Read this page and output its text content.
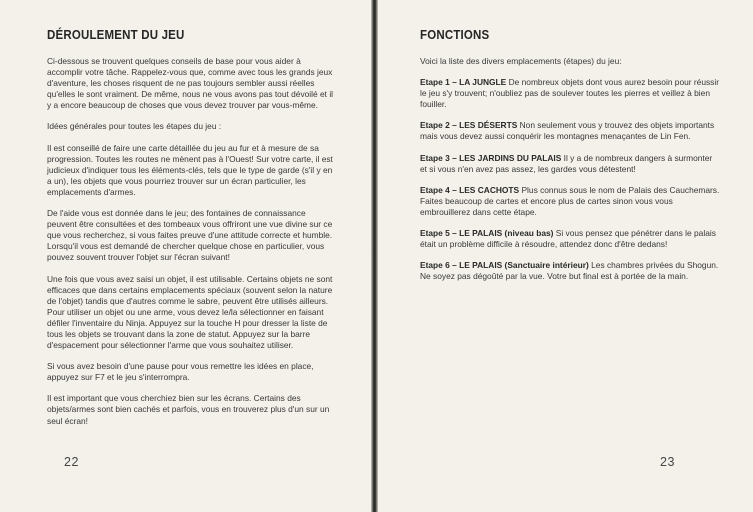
DÉROULEMENT DU JEU

Ci-dessous se trouvent quelques conseils de base pour vous aider à accomplir votre tâche. Rappelez-vous que, comme avec tous les grands jeux d'aventure, les choses risquent de ne pas toujours sembler aussi réelles qu'elles le sont vraiment. De même, nous ne vous avons pas tout dévoilé et il y a encore beaucoup de choses que vous devez trouver par vous-même.

Idées générales pour toutes les étapes du jeu :

Il est conseillé de faire une carte détaillée du jeu au fur et à mesure de sa progression. Toutes les routes ne mènent pas à l'Ouest! Sur votre carte, il est judicieux d'indiquer tous les éléments-clés, tels que le type de garde (s'il y en a un), les objets que vous pourriez trouver sur un écran particulier, les emplacements d'armes.

De l'aide vous est donnée dans le jeu; des fontaines de connaissance peuvent être consultées et des tombeaux vous offriront une vue divine sur ce que vous recherchez, si vous faites preuve d'une attitude correcte et humble. Lorsqu'il vous est demandé de chercher quelque chose en particulier, vous pouvez souvent trouver l'objet sur l'écran suivant!

Une fois que vous avez saisi un objet, il est utilisable. Certains objets ne sont efficaces que dans certains emplacements spéciaux (souvent selon la nature de l'objet) tandis que d'autres comme le sabre, peuvent être utilisés ailleurs. Pour utiliser un objet ou une arme, vous devez le/la sélectionner en faisant défiler l'inventaire du Ninja. Appuyez sur la touche H pour dresser la liste de tous les objets se trouvant dans la zone de statut. Appuyez sur la barre d'espacement pour sélectionner l'arme que vous souhaitez utiliser.

Si vous avez besoin d'une pause pour vous remettre les idées en place, appuyez sur F7 et le jeu s'interrompra.

Il est important que vous cherchiez bien sur les écrans. Certains des objets/armes sont bien cachés et parfois, vous en trouverez plus d'un sur un seul écran!

22
FONCTIONS

Voici la liste des divers emplacements (étapes) du jeu:

Etape 1 – LA JUNGLE De nombreux objets dont vous aurez besoin pour réussir le jeu s'y trouvent; n'oubliez pas de soulever toutes les pierres et veillez à bien fouiller.

Etape 2 – LES DÉSERTS Non seulement vous y trouvez des objets importants mais vous devez aussi conquérir les montagnes menaçantes de Lin Fen.

Etape 3 – LES JARDINS DU PALAIS Il y a de nombreux dangers à surmonter et si vous n'en avez pas assez, les gardes vous détestent!

Etape 4 – LES CACHOTS Plus connus sous le nom de Palais des Cauchemars. Faites beaucoup de cartes et encore plus de cartes sinon vous vous embrouillerez dans cette étape.

Etape 5 – LE PALAIS (niveau bas) Si vous pensez que pénétrer dans le palais était un problème difficile à résoudre, attendez donc d'être dedans!

Etape 6 – LE PALAIS (Sanctuaire intérieur) Les chambres privées du Shogun. Ne soyez pas dégoûté par la vue. Votre but final est à portée de la main.

23
